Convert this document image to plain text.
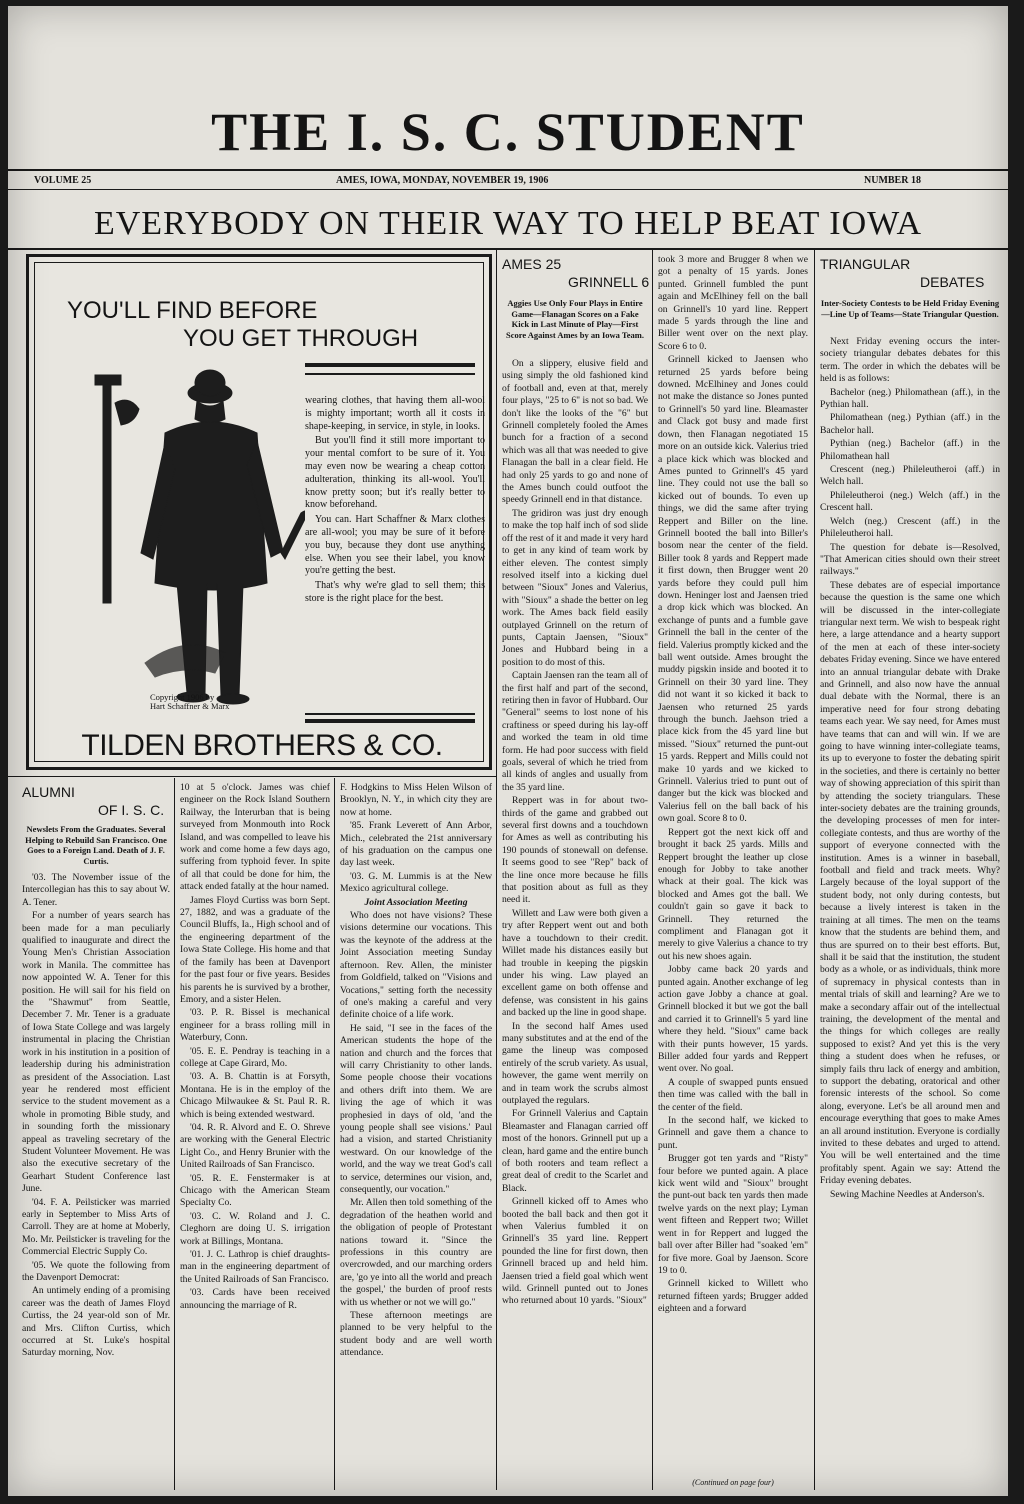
THE I. S. C. STUDENT
VOLUME 25	AMES, IOWA, MONDAY, NOVEMBER 19, 1906	NUMBER 18
EVERYBODY ON THEIR WAY TO HELP BEAT IOWA
YOU'LL FIND BEFORE
YOU GET THROUGH
Copyright 1906 by
Hart Schaffner & Marx

wearing clothes, that having them all-wool is mighty important; worth all it costs in shape-keeping, in service, in style, in looks.

But you'll find it still more important to your mental comfort to be sure of it. You may even now be wearing a cheap cotton adulteration, thinking its all-wool. You'll know pretty soon; but it's really better to know beforehand.

You can. Hart Schaffner & Marx clothes are all-wool; you may be sure of it before you buy, because they dont use anything else. When you see their label, you know you're getting the best.

That's why we're glad to sell them; this store is the right place for the best.

TILDEN BROTHERS & CO.
AMES 25
GRINNELL 6
Aggies Use Only Four Plays in Entire Game—Flanagan Scores on a Fake Kick in Last Minute of Play—First Score Against Ames by an Iowa Team.

On a slippery, elusive field and using simply the old fashioned kind of football and, even at that, merely four plays, "25 to 6" is not so bad. We don't like the looks of the "6" but Grinnell completely fooled the Ames bunch for a fraction of a second which was all that was needed to give Flanagan the ball in a clear field. He had only 25 yards to go and none of the Ames bunch could outfoot the speedy Grinnell end in that distance.

The gridiron was just dry enough to make the top half inch of sod slide off the rest of it and made it very hard to get in any kind of team work by either eleven. The contest simply resolved itself into a kicking duel between "Sioux" Jones and Valerius, with "Sioux" a shade the better on leg work. The Ames back field easily outplayed Grinnell on the return of punts, Captain Jaensen, "Sioux" Jones and Hubbard being in a position to do most of this.

Captain Jaensen ran the team all of the first half and part of the second, retiring then in favor of Hubbard. Our "General" seems to lost none of his craftiness or speed during his lay-off and worked the team in old time form. He had poor success with field goals, several of which he tried from all kinds of angles and usually from the 35 yard line.

Reppert was in for about two-thirds of the game and grabbed out several first downs and a touchdown for Ames as well as contributing his 190 pounds of stonewall on defense. It seems good to see "Rep" back of the line once more because he fills that position about as full as they need it.

Willett and Law were both given a try after Reppert went out and both have a touchdown to their credit. Willet made his distances easily but had trouble in keeping the pigskin under his wing. Law played an excellent game on both offense and defense, was consistent in his gains and backed up the line in good shape.

In the second half Ames used many substitutes and at the end of the game the lineup was composed entirely of the scrub variety. As usual, however, the game went merrily on and in team work the scrubs almost outplayed the regulars.

For Grinnell Valerius and Captain Bleamaster and Flanagan carried off most of the honors. Grinnell put up a clean, hard game and the entire bunch of both rooters and team reflect a great deal of credit to the Scarlet and Black.

Grinnell kicked off to Ames who booted the ball back and then got it when Valerius fumbled it on Grinnell's 35 yard line. Reppert pounded the line for first down, then Grinnell braced up and held him. Jaensen tried a field goal which went wild. Grinnell punted out to Jones who returned about 10 yards. "Sioux"

took 3 more and Brugger 8 when we got a penalty of 15 yards. Jones punted. Grinnell fumbled the punt again and McElhiney fell on the ball on Grinnell's 10 yard line. Reppert made 5 yards through the line and Biller went over on the next play. Score 6 to 0.

Grinnell kicked to Jaensen who returned 25 yards before being downed. McElhiney and Jones could not make the distance so Jones punted to Grinnell's 50 yard line. Bleamaster and Clack got busy and made first down, then Flanagan negotiated 15 more on an outside kick. Valerius tried a place kick which was blocked and Ames punted to Grinnell's 45 yard line. They could not use the ball so kicked out of bounds. To even up things, we did the same after trying Reppert and Biller on the line. Grinnell booted the ball into Biller's bosom near the center of the field. Biller took 8 yards and Reppert made it first down, then Brugger went 20 yards before they could pull him down. Heninger lost and Jaensen tried a drop kick which was blocked. An exchange of punts and a fumble gave Grinnell the ball in the center of the field. Valerius promptly kicked and the ball went outside. Ames brought the muddy pigskin inside and booted it to Grinnell on their 30 yard line. They did not want it so kicked it back to Jaensen who returned 25 yards through the bunch. Jaehson tried a place kick from the 45 yard line but missed. "Sioux" returned the punt-out 15 yards. Reppert and Mills could not make 10 yards and we kicked to Grinnell. Valerius tried to punt out of danger but the kick was blocked and Valerius fell on the ball back of his own goal. Score 8 to 0.

Reppert got the next kick off and brought it back 25 yards. Mills and Reppert brought the leather up close enough for Jobby to take another whack at their goal. The kick was blocked and Ames got the ball. We couldn't gain so gave it back to Grinnell. They returned the compliment and Flanagan got it merely to give Valerius a chance to try out his new shoes again.

Jobby came back 20 yards and punted again. Another exchange of leg action gave Jobby a chance at goal. Grinnell blocked it but we got the ball and carried it to Grinnell's 5 yard line where they held. "Sioux" came back with their punts however, 15 yards. Biller added four yards and Reppert went over. No goal.

A couple of swapped punts ensued then time was called with the ball in the center of the field.

In the second half, we kicked to Grinnell and gave them a chance to punt.

Brugger got ten yards and "Risty" four before we punted again. A place kick went wild and "Sioux" brought the punt-out back ten yards then made twelve yards on the next play; Lyman went fifteen and Reppert two; Willet went in for Reppert and lugged the ball over after Biller had "soaked 'em" for five more. Goal by Jaenson. Score 19 to 0.

Grinnell kicked to Willett who returned fifteen yards; Brugger added eighteen and a forward

(Continued on page four)
TRIANGULAR
DEBATES
Inter-Society Contests to be Held Friday Evening—Line Up of Teams—State Triangular Question.

Next Friday evening occurs the inter-society triangular debates debates for this term. The order in which the debates will be held is as follows:

Bachelor (neg.) Philomathean (aff.), in the Pythian hall.

Philomathean (neg.) Pythian (aff.) in the Bachelor hall.

Pythian (neg.) Bachelor (aff.) in the Philomathean hall

Crescent (neg.) Phileleutheroi (aff.) in Welch hall.

Phileleutheroi (neg.) Welch (aff.) in the Crescent hall.

Welch (neg.) Crescent (aff.) in the Phileleutheroi hall.

The question for debate is—Resolved, "That American cities should own their street railways."

These debates are of especial importance because the question is the same one which will be discussed in the inter-collegiate triangular next term. We wish to bespeak right here, a large attendance and a hearty support of the men at each of these inter-society debates Friday evening. Since we have entered into an annual triangular debate with Drake and Grinnell, and also now have the annual dual debate with the Normal, there is an imperative need for four strong debating teams each year. We say need, for Ames must have teams that can and will win. If we are going to have winning inter-collegiate teams, its up to everyone to foster the debating spirit in the societies, and there is certainly no better way of showing appreciation of this spirit than by attending the society triangulars. These inter-society debates are the training grounds, the developing processes of men for inter-collegiate contests, and thus are worthy of the support of everyone connected with the institution. Ames is a winner in baseball, football and field and track meets. Why? Largely because of the loyal support of the student body, not only during contests, but because a lively interest is taken in the training at all times. The men on the teams know that the students are behind them, and thus are spurred on to their best efforts. But, shall it be said that the institution, the student body as a whole, or as individuals, think more of supremacy in physical contests than in mental trials of skill and learning? Are we to make a secondary affair out of the intellectual training, the development of the mental and the things for which colleges are really supposed to exist? And yet this is the very thing a student does when he refuses, or simply fails thru lack of energy and ambition, to support the debating, oratorical and other forensic interests of the school. So come along, everyone. Let's be all around men and encourage everything that goes to make Ames an all around institution. Everyone is cordially invited to these debates and urged to attend. You will be well entertained and the time profitably spent. Again we say: Attend the Friday evening debates.

Sewing Machine Needles at Anderson's.

ALUMNI
OF I. S. C.
Newslets From the Graduates. Several Helping to Rebuild San Francisco. One Goes to a Foreign Land. Death of J. F. Curtis.

'03. The November issue of the Intercollegian has this to say about W. A. Tener.

For a number of years search has been made for a man peculiarly qualified to inaugurate and direct the Young Men's Christian Association work in Manila. The committee has now appointed W. A. Tener for this position. He will sail for his field on the "Shawmut" from Seattle, December 7. Mr. Tener is a graduate of Iowa State College and was largely instrumental in placing the Christian work in his institution in a position of leadership during his administration as president of the Association. Last year he rendered most efficient service to the student movement as a whole in promoting Bible study, and in sounding forth the missionary appeal as traveling secretary of the Student Volunteer Movement. He was also the executive secretary of the Gearhart Student Conference last June.

'04. F. A. Peilsticker was married early in September to Miss Arts of Carroll. They are at home at Moberly, Mo. Mr. Peilsticker is traveling for the Commercial Electric Supply Co.

'05. We quote the following from the Davenport Democrat:

An untimely ending of a promising career was the death of James Floyd Curtiss, the 24 year-old son of Mr. and Mrs. Clifton Curtiss, which occurred at St. Luke's hospital Saturday morning, Nov.

10 at 5 o'clock. James was chief engineer on the Rock Island Southern Railway, the Interurban that is being surveyed from Monmouth into Rock Island, and was compelled to leave his work and come home a few days ago, suffering from typhoid fever. In spite of all that could be done for him, the attack ended fatally at the hour named.

James Floyd Curtiss was born Sept. 27, 1882, and was a graduate of the Council Bluffs, Ia., High school and of the engineering department of the Iowa State College. His home and that of the family has been at Davenport for the past four or five years. Besides his parents he is survived by a brother, Emory, and a sister Helen.

'03. P. R. Bissel is mechanical engineer for a brass rolling mill in Waterbury, Conn.

'05. E. E. Pendray is teaching in a college at Cape Girard, Mo.

'03. A. B. Chattin is at Forsyth, Montana. He is in the employ of the Chicago Milwaukee & St. Paul R. R. which is being extended westward.

'04. R. R. Alvord and E. O. Shreve are working with the General Electric Light Co., and Henry Brunier with the United Railroads of San Francisco.

'05. R. E. Fenstermaker is at Chicago with the American Steam Specialty Co.

'03. C. W. Roland and J. C. Cleghorn are doing U. S. irrigation work at Billings, Montana.

'01. J. C. Lathrop is chief draughts-man in the engineering department of the United Railroads of San Francisco.

'03. Cards have been received announcing the marriage of R.

F. Hodgkins to Miss Helen Wilson of Brooklyn, N. Y., in which city they are now at home.

'85. Frank Leverett of Ann Arbor, Mich., celebrated the 21st anniversary of his graduation on the campus one day last week.

'03. G. M. Lummis is at the New Mexico agricultural college.

Joint Association Meeting

Who does not have visions? These visions determine our vocations. This was the keynote of the address at the Joint Association meeting Sunday afternoon. Rev. Allen, the minister from Goldfield, talked on "Visions and Vocations," setting forth the necessity of one's making a careful and very definite choice of a life work.

He said, "I see in the faces of the American students the hope of the nation and church and the forces that will carry Christianity to other lands. Some people choose their vocations and others drift into them. We are living the age of which it was prophesied in days of old, 'and the young people shall see visions.' Paul had a vision, and started Christianity westward. On our knowledge of the world, and the way we treat God's call to service, determines our vision, and, consequently, our vocation."

Mr. Allen then told something of the degradation of the heathen world and the obligation of people of Protestant nations toward it. "Since the professions in this country are overcrowded, and our marching orders are, 'go ye into all the world and preach the gospel,' the burden of proof rests with us whether or not we will go."

These afternoon meetings are planned to be very helpful to the student body and are well worth attendance.
